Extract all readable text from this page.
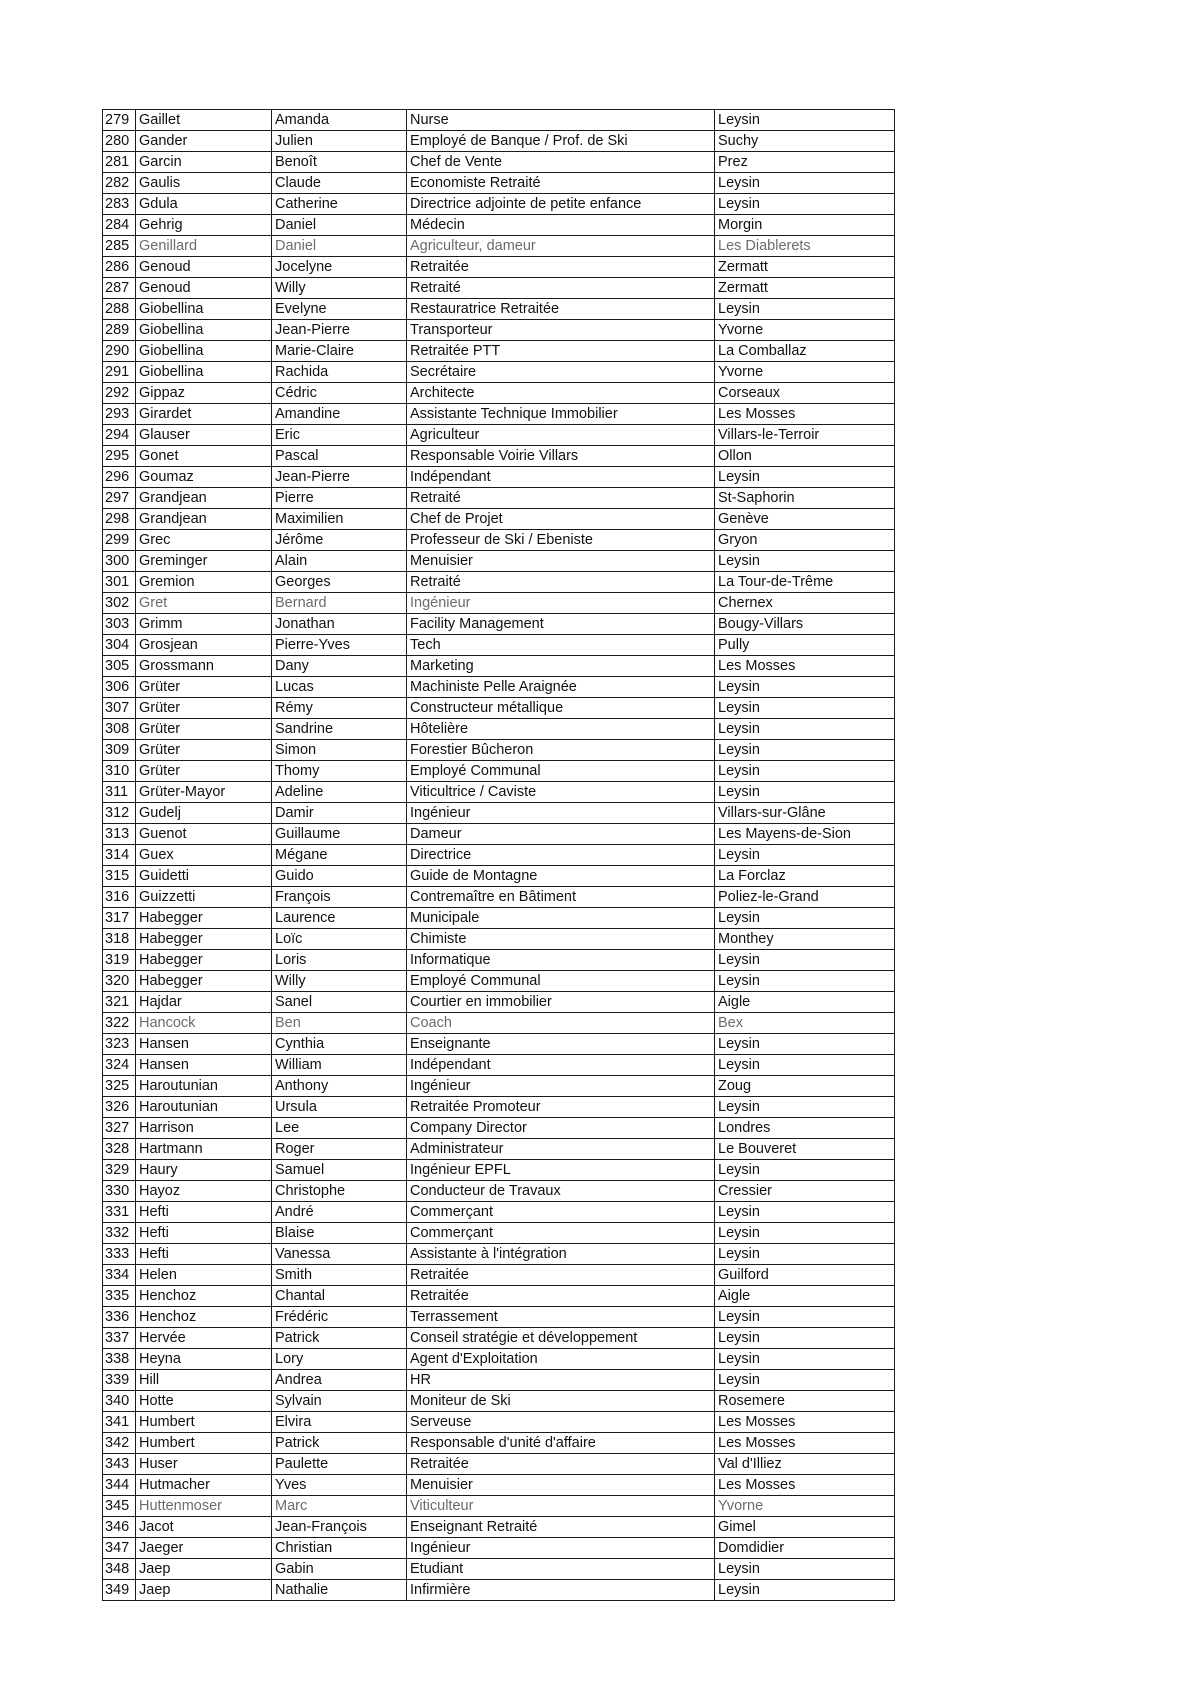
279	Gaillet	Amanda	Nurse	Leysin
280	Gander	Julien	Employé de Banque / Prof. de Ski	Suchy
281	Garcin	Benoît	Chef de Vente	Prez
282	Gaulis	Claude	Economiste Retraité	Leysin
283	Gdula	Catherine	Directrice adjointe de petite enfance	Leysin
284	Gehrig	Daniel	Médecin	Morgin
285	Genillard	Daniel	Agriculteur, dameur	Les Diablerets
286	Genoud	Jocelyne	Retraitée	Zermatt
287	Genoud	Willy	Retraité	Zermatt
288	Giobellina	Evelyne	Restauratrice Retraitée	Leysin
289	Giobellina	Jean-Pierre	Transporteur	Yvorne
290	Giobellina	Marie-Claire	Retraitée PTT	La Comballaz
291	Giobellina	Rachida	Secrétaire	Yvorne
292	Gippaz	Cédric	Architecte	Corseaux
293	Girardet	Amandine	Assistante Technique Immobilier	Les Mosses
294	Glauser	Eric	Agriculteur	Villars-le-Terroir
295	Gonet	Pascal	Responsable Voirie Villars	Ollon
296	Goumaz	Jean-Pierre	Indépendant	Leysin
297	Grandjean	Pierre	Retraité	St-Saphorin
298	Grandjean	Maximilien	Chef de Projet	Genève
299	Grec	Jérôme	Professeur de Ski / Ebeniste	Gryon
300	Greminger	Alain	Menuisier	Leysin
301	Gremion	Georges	Retraité	La Tour-de-Trême
302	Gret	Bernard	Ingénieur	Chernex
303	Grimm	Jonathan	Facility Management	Bougy-Villars
304	Grosjean	Pierre-Yves	Tech	Pully
305	Grossmann	Dany	Marketing	Les Mosses
306	Grüter	Lucas	Machiniste Pelle Araignée	Leysin
307	Grüter	Rémy	Constructeur métallique	Leysin
308	Grüter	Sandrine	Hôtelière	Leysin
309	Grüter	Simon	Forestier Bûcheron	Leysin
310	Grüter	Thomy	Employé Communal	Leysin
311	Grüter-Mayor	Adeline	Viticultrice / Caviste	Leysin
312	Gudelj	Damir	Ingénieur	Villars-sur-Glâne
313	Guenot	Guillaume	Dameur	Les Mayens-de-Sion
314	Guex	Mégane	Directrice	Leysin
315	Guidetti	Guido	Guide de Montagne	La Forclaz
316	Guizzetti	François	Contremaître en Bâtiment	Poliez-le-Grand
317	Habegger	Laurence	Municipale	Leysin
318	Habegger	Loïc	Chimiste	Monthey
319	Habegger	Loris	Informatique	Leysin
320	Habegger	Willy	Employé Communal	Leysin
321	Hajdar	Sanel	Courtier en immobilier	Aigle
322	Hancock	Ben	Coach	Bex
323	Hansen	Cynthia	Enseignante	Leysin
324	Hansen	William	Indépendant	Leysin
325	Haroutunian	Anthony	Ingénieur	Zoug
326	Haroutunian	Ursula	Retraitée Promoteur	Leysin
327	Harrison	Lee	Company Director	Londres
328	Hartmann	Roger	Administrateur	Le Bouveret
329	Haury	Samuel	Ingénieur EPFL	Leysin
330	Hayoz	Christophe	Conducteur de Travaux	Cressier
331	Hefti	André	Commerçant	Leysin
332	Hefti	Blaise	Commerçant	Leysin
333	Hefti	Vanessa	Assistante à l'intégration	Leysin
334	Helen	Smith	Retraitée	Guilford
335	Henchoz	Chantal	Retraitée	Aigle
336	Henchoz	Frédéric	Terrassement	Leysin
337	Hervée	Patrick	Conseil stratégie et développement	Leysin
338	Heyna	Lory	Agent d'Exploitation	Leysin
339	Hill	Andrea	HR	Leysin
340	Hotte	Sylvain	Moniteur de Ski	Rosemere
341	Humbert	Elvira	Serveuse	Les Mosses
342	Humbert	Patrick	Responsable d'unité d'affaire	Les Mosses
343	Huser	Paulette	Retraitée	Val d'Illiez
344	Hutmacher	Yves	Menuisier	Les Mosses
345	Huttenmoser	Marc	Viticulteur	Yvorne
346	Jacot	Jean-François	Enseignant Retraité	Gimel
347	Jaeger	Christian	Ingénieur	Domdidier
348	Jaep	Gabin	Etudiant	Leysin
349	Jaep	Nathalie	Infirmière	Leysin
